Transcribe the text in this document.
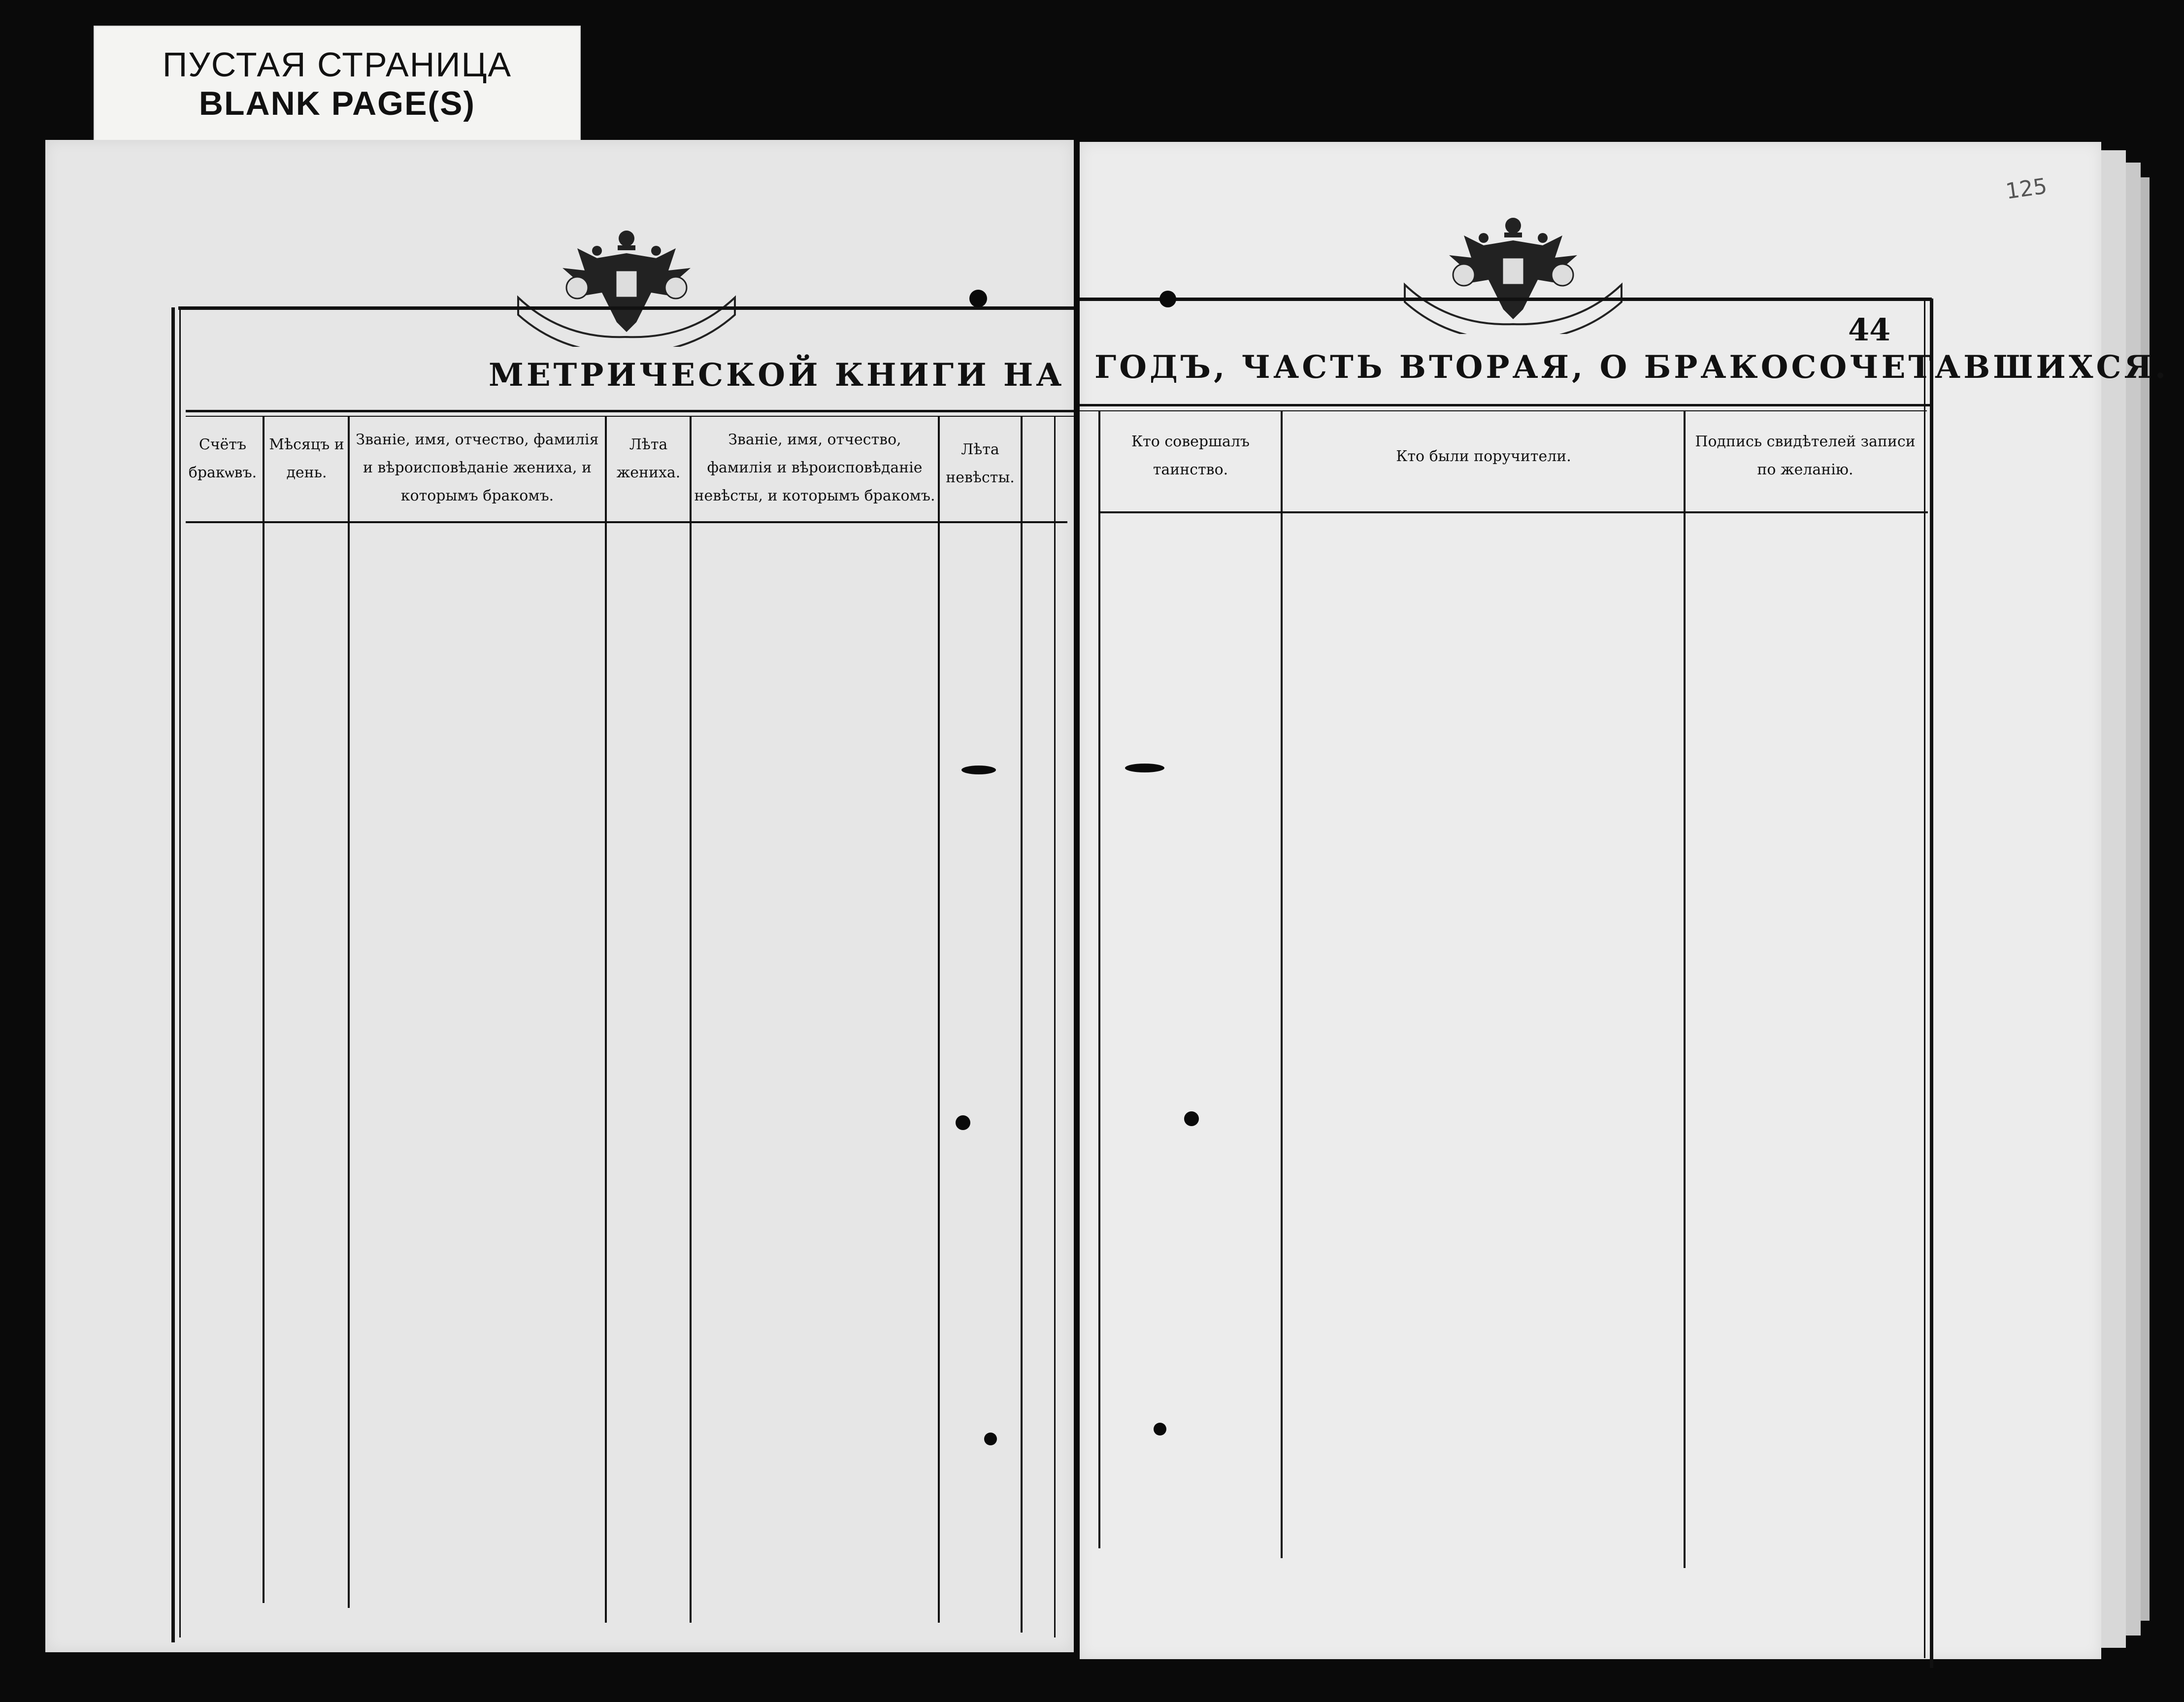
ПУСТАЯ СТРАНИЦА
BLANK PAGE(S)
МЕТРИЧЕСКОЙ КНИГИ НА
Счётъ бракѡвъ.
Мѣсяцъ и день.
Званіе, имя, отчество, фамилія и вѣроисповѣданіе жениха, и которымъ бракомъ.
Лѣта жениха.
Званіе, имя, отчество, фамилія и вѣроисповѣданіе невѣсты, и которымъ бракомъ.
Лѣта невѣсты.
125
44
ГОДЪ, ЧАСТЬ ВТОРАЯ, О БРАКОСОЧЕТАВШИХСЯ.
Кто совершалъ таинство.
Кто были поручители.
Подпись свидѣтелей записи по желанію.
